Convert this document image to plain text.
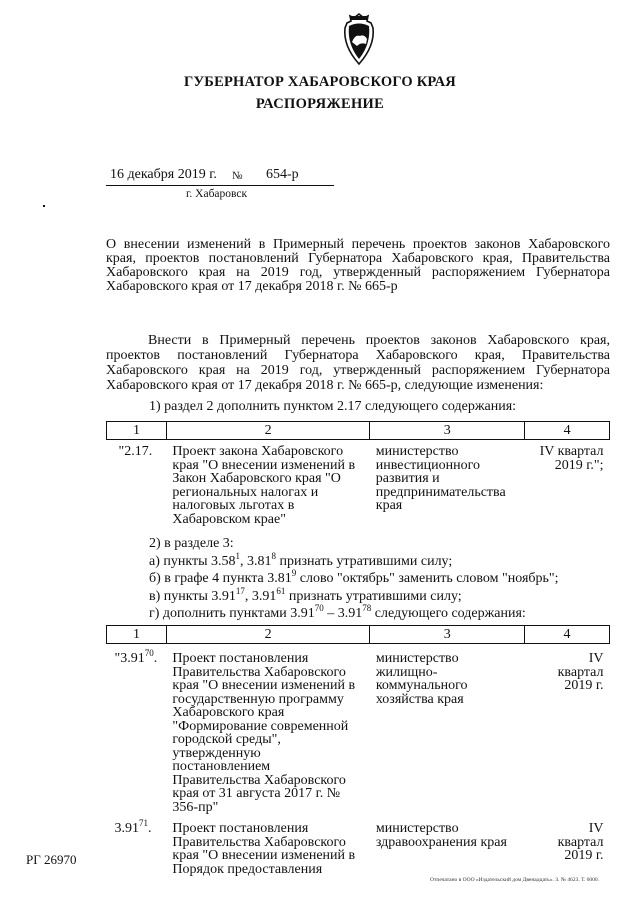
ГУБЕРНАТОР ХАБАРОВСКОГО КРАЯ
РАСПОРЯЖЕНИЕ
16 декабря 2019 г. № 654-р
г. Хабаровск
О внесении изменений в Примерный перечень проектов законов Хабаровского края, проектов постановлений Губернатора Хабаровского края, Правительства Хабаровского края на 2019 год, утвержденный распоряжением Губернатора Хабаровского края от 17 декабря 2018 г. № 665-р
Внести в Примерный перечень проектов законов Хабаровского края, проектов постановлений Губернатора Хабаровского края, Правительства Хабаровского края на 2019 год, утвержденный распоряжением Губернатора Хабаровского края от 17 декабря 2018 г. № 665-р, следующие изменения:
1) раздел 2 дополнить пунктом 2.17 следующего содержания:
1	2	3	4
"2.17.	Проект закона Хабаровского края "О внесении изменений в Закон Хабаровского края "О региональных налогах и налоговых льготах в Хабаровском крае"	министерство инвестиционного развития и предпринимательства края	IV квартал 2019 г.";
2) в разделе 3:
а) пункты 3.58$^1$, 3.81$^8$ признать утратившими силу;
б) в графе 4 пункта 3.81$^9$ слово "октябрь" заменить словом "ноябрь";
в) пункты 3.91$^{17}$, 3.91$^{61}$ признать утратившими силу;
г) дополнить пунктами 3.91$^{70}$ – 3.91$^{78}$ следующего содержания:
1	2	3	4
"3.91$^{70}$.	Проект постановления Правительства Хабаровского края "О внесении изменений в государственную программу Хабаровского края "Формирование современной городской среды", утвержденную постановлением Правительства Хабаровского края от 31 августа 2017 г. № 356-пр"	министерство жилищно-коммунального хозяйства края	IV квартал 2019 г.
3.91$^{71}$.	Проект постановления Правительства Хабаровского края "О внесении изменений в Порядок предоставления	министерство здравоохранения края	IV квартал 2019 г.
РГ 26970
Отпечатано в ООО «Издательский дом Двенадцать». З. № 4623. Т. 6000.
